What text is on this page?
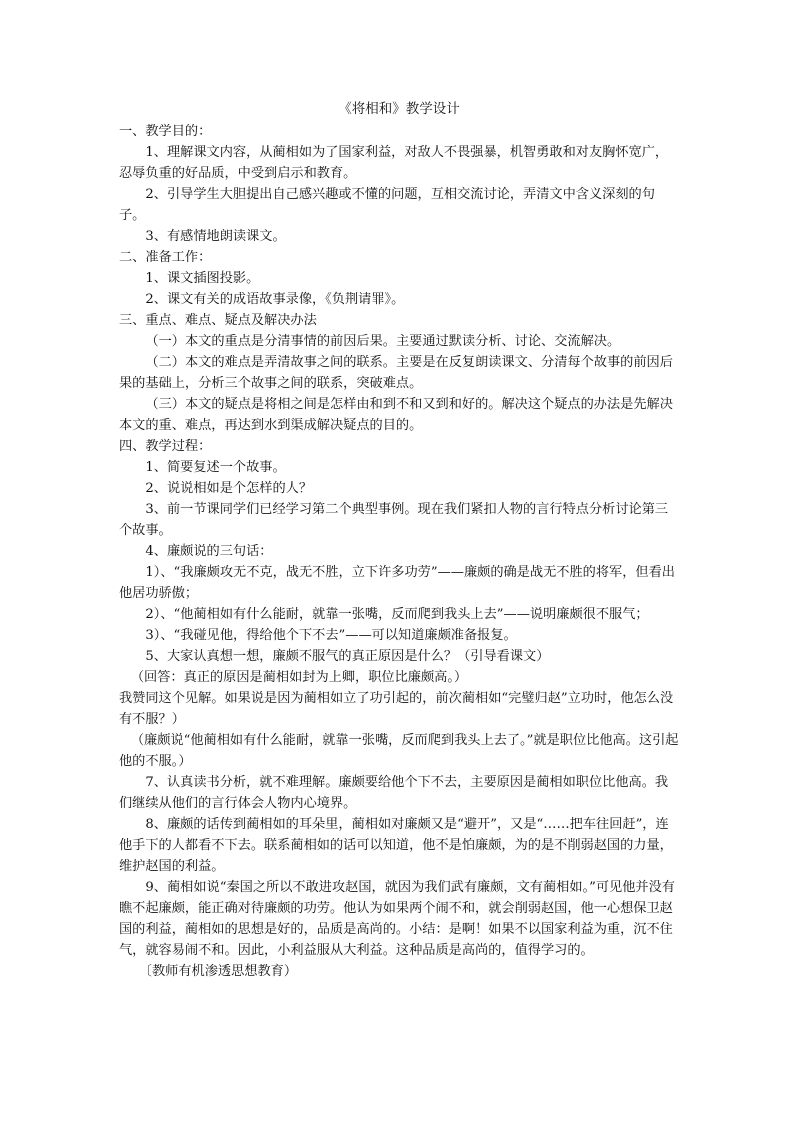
《将相和》教学设计

一、教学目的：

1、理解课文内容，从蔺相如为了国家利益，对敌人不畏强暴，机智勇敢和对友胸怀宽广，忍辱负重的好品质，中受到启示和教育。

2、引导学生大胆提出自己感兴趣或不懂的问题，互相交流讨论，弄清文中含义深刻的句子。

3、有感情地朗读课文。

二、准备工作：

1、课文插图投影。

2、课文有关的成语故事录像，《负荆请罪》。

三、重点、难点、疑点及解决办法

（一）本文的重点是分清事情的前因后果。主要通过默读分析、讨论、交流解决。

（二）本文的难点是弄清故事之间的联系。主要是在反复朗读课文、分清每个故事的前因后果的基础上，分析三个故事之间的联系，突破难点。

（三）本文的疑点是将相之间是怎样由和到不和又到和好的。解决这个疑点的办法是先解决本文的重、难点，再达到水到渠成解决疑点的目的。

四、教学过程：

1、简要复述一个故事。

2、说说相如是个怎样的人？

3、前一节课同学们已经学习第二个典型事例。现在我们紧扣人物的言行特点分析讨论第三个故事。

4、廉颇说的三句话：

1）、“我廉颇攻无不克，战无不胜，立下许多功劳”——廉颇的确是战无不胜的将军，但看出他居功骄傲；

2）、“他蔺相如有什么能耐，就靠一张嘴，反而爬到我头上去”——说明廉颇很不服气；

3）、“我碰见他，得给他个下不去”——可以知道廉颇准备报复。

5、大家认真想一想，廉颇不服气的真正原因是什么？（引导看课文）

（回答：真正的原因是蔺相如封为上卿，职位比廉颇高。）

我赞同这个见解。如果说是因为蔺相如立了功引起的，前次蔺相如“完璧归赵”立功时，他怎么没有不服？）

（廉颇说“他蔺相如有什么能耐，就靠一张嘴，反而爬到我头上去了。”就是职位比他高。这引起他的不服。）

7、认真读书分析，就不难理解。廉颇要给他个下不去，主要原因是蔺相如职位比他高。我们继续从他们的言行体会人物内心境界。

8、廉颇的话传到蔺相如的耳朵里，蔺相如对廉颇又是“避开”，又是“……把车往回赶”，连他手下的人都看不下去。联系蔺相如的话可以知道，他不是怕廉颇，为的是不削弱赵国的力量，维护赵国的利益。

9、蔺相如说“秦国之所以不敢进攻赵国，就因为我们武有廉颇，文有蔺相如。”可见他并没有瞧不起廉颇，能正确对待廉颇的功劳。他认为如果两个闹不和，就会削弱赵国，他一心想保卫赵国的利益，蔺相如的思想是好的，品质是高尚的。小结：是啊！如果不以国家利益为重，沉不住气，就容易闹不和。因此，小利益服从大利益。这种品质是高尚的，值得学习的。

〔教师有机渗透思想教育）
